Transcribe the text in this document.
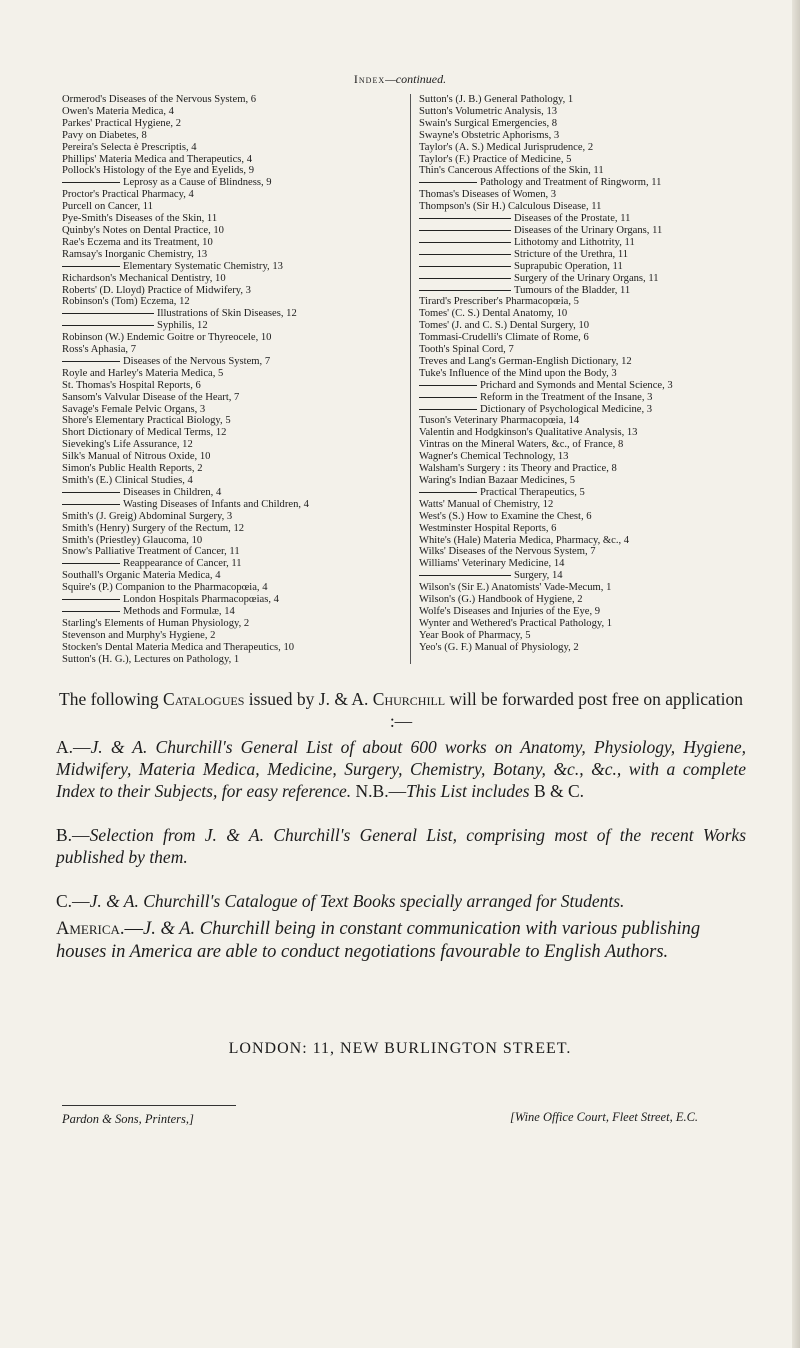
Index—continued.
Ormerod's Diseases of the Nervous System, 6
Owen's Materia Medica, 4
Parkes' Practical Hygiene, 2
Pavy on Diabetes, 8
Pereira's Selecta è Prescriptis, 4
Phillips' Materia Medica and Therapeutics, 4
Pollock's Histology of the Eye and Eyelids, 9
Leprosy as a Cause of Blindness, 9
Proctor's Practical Pharmacy, 4
Purcell on Cancer, 11
Pye-Smith's Diseases of the Skin, 11
Quinby's Notes on Dental Practice, 10
Rae's Eczema and its Treatment, 10
Ramsay's Inorganic Chemistry, 13
Elementary Systematic Chemistry, 13
Richardson's Mechanical Dentistry, 10
Roberts' (D. Lloyd) Practice of Midwifery, 3
Robinson's (Tom) Eczema, 12
Illustrations of Skin Diseases, 12
Syphilis, 12
Robinson (W.) Endemic Goitre or Thyreocele, 10
Ross's Aphasia, 7
Diseases of the Nervous System, 7
Royle and Harley's Materia Medica, 5
St. Thomas's Hospital Reports, 6
Sansom's Valvular Disease of the Heart, 7
Savage's Female Pelvic Organs, 3
Shore's Elementary Practical Biology, 5
Short Dictionary of Medical Terms, 12
Sieveking's Life Assurance, 12
Silk's Manual of Nitrous Oxide, 10
Simon's Public Health Reports, 2
Smith's (E.) Clinical Studies, 4
Diseases in Children, 4
Wasting Diseases of Infants and Children, 4
Smith's (J. Greig) Abdominal Surgery, 3
Smith's (Henry) Surgery of the Rectum, 12
Smith's (Priestley) Glaucoma, 10
Snow's Palliative Treatment of Cancer, 11
Reappearance of Cancer, 11
Southall's Organic Materia Medica, 4
Squire's (P.) Companion to the Pharmacopœia, 4
London Hospitals Pharmacopœias, 4
Methods and Formulæ, 14
Starling's Elements of Human Physiology, 2
Stevenson and Murphy's Hygiene, 2
Stocken's Dental Materia Medica and Therapeutics, 10
Sutton's (H. G.), Lectures on Pathology, 1
Sutton's (J. B.) General Pathology, 1
Sutton's Volumetric Analysis, 13
Swain's Surgical Emergencies, 8
Swayne's Obstetric Aphorisms, 3
Taylor's (A. S.) Medical Jurisprudence, 2
Taylor's (F.) Practice of Medicine, 5
Thin's Cancerous Affections of the Skin, 11
Pathology and Treatment of Ringworm, 11
Thomas's Diseases of Women, 3
Thompson's (Sir H.) Calculous Disease, 11
Diseases of the Prostate, 11
Diseases of the Urinary Organs, 11
Lithotomy and Lithotrity, 11
Stricture of the Urethra, 11
Suprapubic Operation, 11
Surgery of the Urinary Organs, 11
Tumours of the Bladder, 11
Tirard's Prescriber's Pharmacopœia, 5
Tomes' (C. S.) Dental Anatomy, 10
Tomes' (J. and C. S.) Dental Surgery, 10
Tommasi-Crudelli's Climate of Rome, 6
Tooth's Spinal Cord, 7
Treves and Lang's German-English Dictionary, 12
Tuke's Influence of the Mind upon the Body, 3
Prichard and Symonds and Mental Science, 3
Reform in the Treatment of the Insane, 3
Dictionary of Psychological Medicine, 3
Tuson's Veterinary Pharmacopœia, 14
Valentin and Hodgkinson's Qualitative Analysis, 13
Vintras on the Mineral Waters, &c., of France, 8
Wagner's Chemical Technology, 13
Walsham's Surgery : its Theory and Practice, 8
Waring's Indian Bazaar Medicines, 5
Practical Therapeutics, 5
Watts' Manual of Chemistry, 12
West's (S.) How to Examine the Chest, 6
Westminster Hospital Reports, 6
White's (Hale) Materia Medica, Pharmacy, &c., 4
Wilks' Diseases of the Nervous System, 7
Williams' Veterinary Medicine, 14
Surgery, 14
Wilson's (Sir E.) Anatomists' Vade-Mecum, 1
Wilson's (G.) Handbook of Hygiene, 2
Wolfe's Diseases and Injuries of the Eye, 9
Wynter and Wethered's Practical Pathology, 1
Year Book of Pharmacy, 5
Yeo's (G. F.) Manual of Physiology, 2

The following Catalogues issued by J. & A. Churchill will be forwarded post free on application :—

A.—J. & A. Churchill's General List of about 600 works on Anatomy, Physiology, Hygiene, Midwifery, Materia Medica, Medicine, Surgery, Chemistry, Botany, &c., &c., with a complete Index to their Subjects, for easy reference. N.B.—This List includes B & C.

B.—Selection from J. & A. Churchill's General List, comprising most of the recent Works published by them.

C.—J. & A. Churchill's Catalogue of Text Books specially arranged for Students.

America.—J. & A. Churchill being in constant communication with various publishing houses in America are able to conduct negotiations favourable to English Authors.
LONDON: 11, NEW BURLINGTON STREET.
Pardon & Sons, Printers,]	[Wine Office Court, Fleet Street, E.C.
